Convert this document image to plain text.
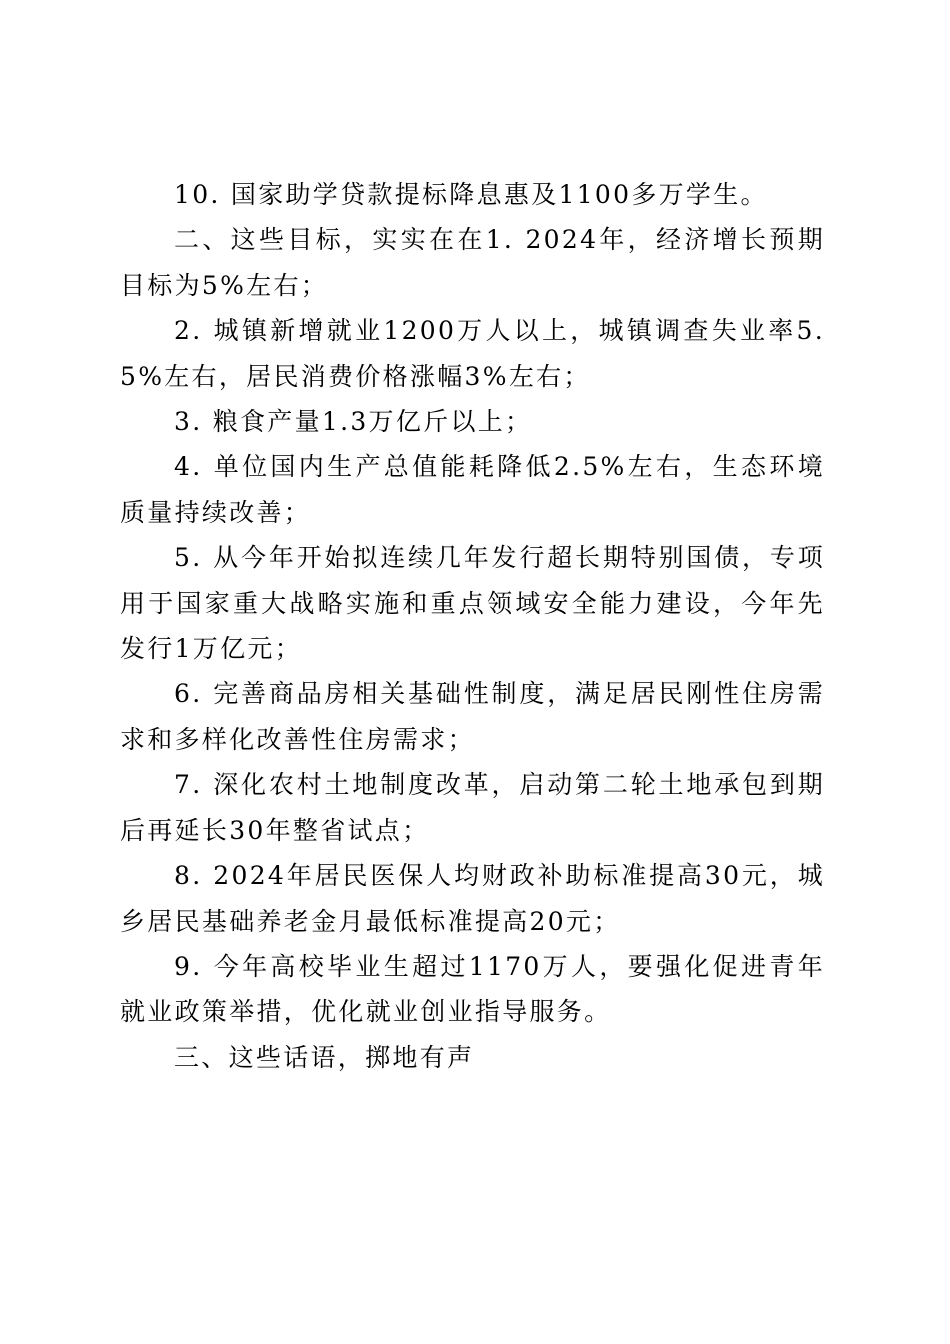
10. 国家助学贷款提标降息惠及1100多万学生。

二、这些目标，实实在在1. 2024年，经济增长预期目标为5%左右；

2. 城镇新增就业1200万人以上，城镇调查失业率5.5%左右，居民消费价格涨幅3%左右；

3. 粮食产量1.3万亿斤以上；

4. 单位国内生产总值能耗降低2.5%左右，生态环境质量持续改善；

5. 从今年开始拟连续几年发行超长期特别国债，专项用于国家重大战略实施和重点领域安全能力建设，今年先发行1万亿元；

6. 完善商品房相关基础性制度，满足居民刚性住房需求和多样化改善性住房需求；

7. 深化农村土地制度改革，启动第二轮土地承包到期后再延长30年整省试点；

8. 2024年居民医保人均财政补助标准提高30元，城乡居民基础养老金月最低标准提高20元；

9. 今年高校毕业生超过1170万人，要强化促进青年就业政策举措，优化就业创业指导服务。

三、这些话语，掷地有声
